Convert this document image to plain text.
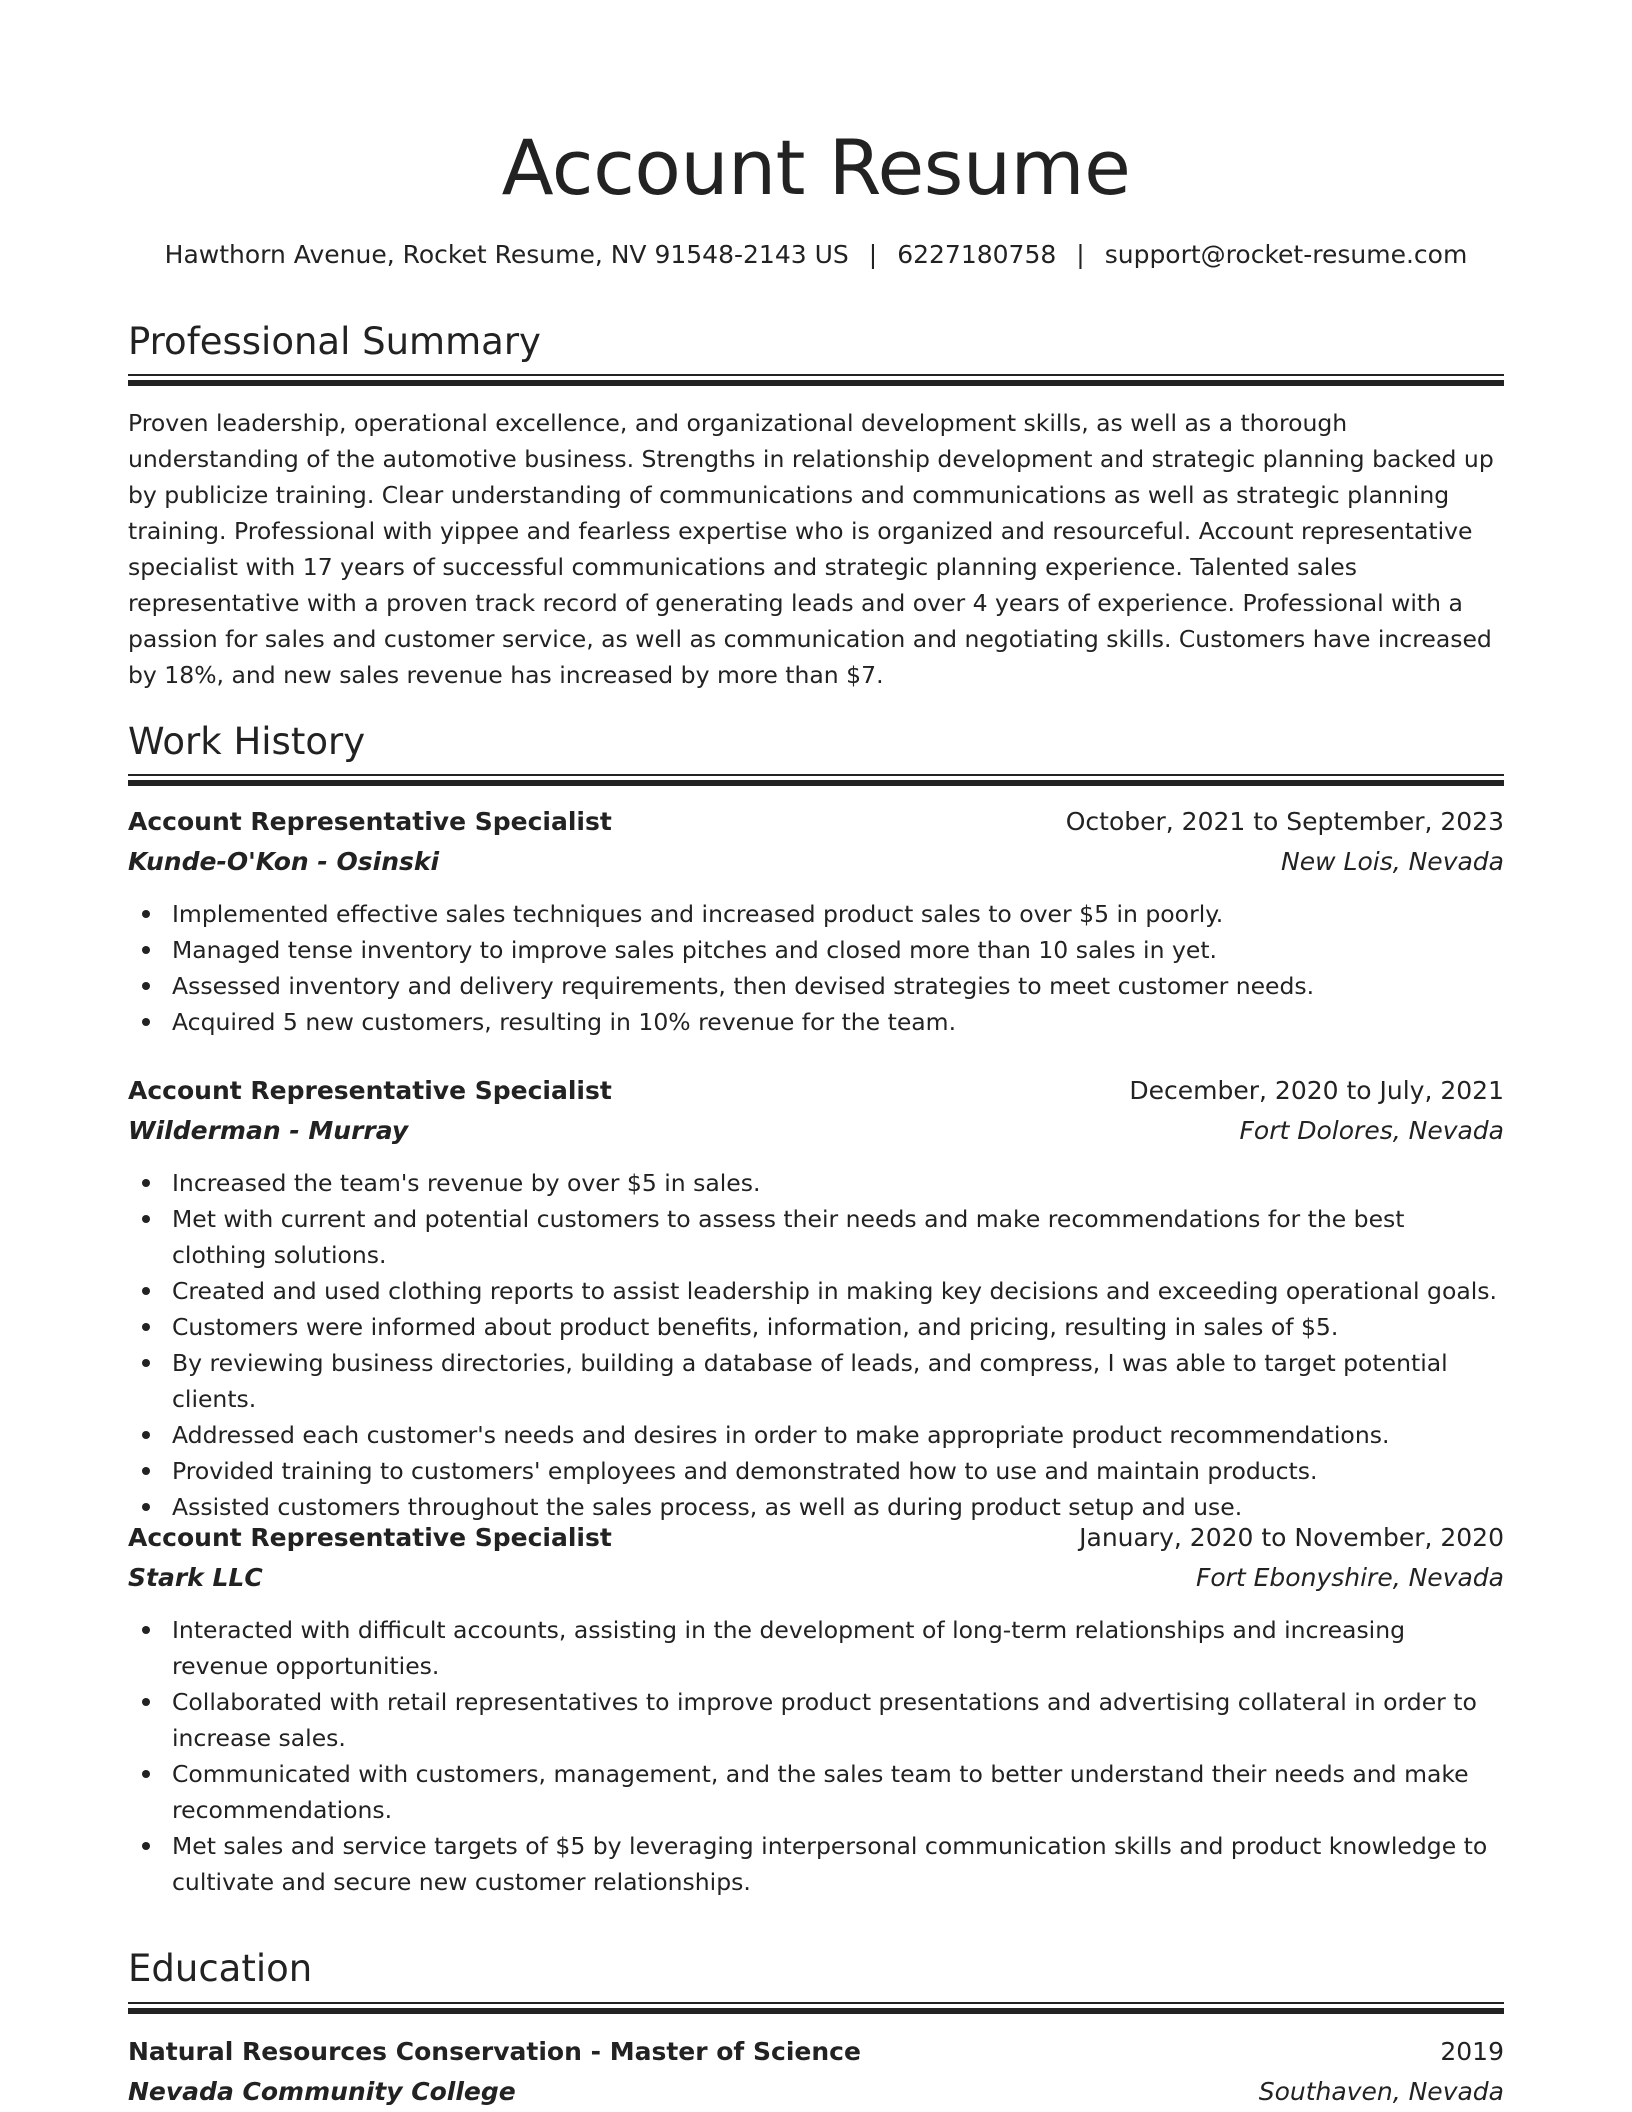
Account Resume
Hawthorn Avenue, Rocket Resume, NV 91548-2143 US | 6227180758 | support@rocket-resume.com
Professional Summary

Proven leadership, operational excellence, and organizational development skills, as well as a thorough understanding of the automotive business. Strengths in relationship development and strategic planning backed up by publicize training. Clear understanding of communications and communications as well as strategic planning training. Professional with yippee and fearless expertise who is organized and resourceful. Account representative specialist with 17 years of successful communications and strategic planning experience. Talented sales representative with a proven track record of generating leads and over 4 years of experience. Professional with a passion for sales and customer service, as well as communication and negotiating skills. Customers have increased by 18%, and new sales revenue has increased by more than $7.

Work History
Account Representative Specialist	October, 2021 to September, 2023
Kunde-O'Kon - Osinski	New Lois, Nevada
Implemented effective sales techniques and increased product sales to over $5 in poorly.
Managed tense inventory to improve sales pitches and closed more than 10 sales in yet.
Assessed inventory and delivery requirements, then devised strategies to meet customer needs.
Acquired 5 new customers, resulting in 10% revenue for the team.
Account Representative Specialist	December, 2020 to July, 2021
Wilderman - Murray	Fort Dolores, Nevada
Increased the team's revenue by over $5 in sales.
Met with current and potential customers to assess their needs and make recommendations for the best clothing solutions.
Created and used clothing reports to assist leadership in making key decisions and exceeding operational goals.
Customers were informed about product benefits, information, and pricing, resulting in sales of $5.
By reviewing business directories, building a database of leads, and compress, I was able to target potential clients.
Addressed each customer's needs and desires in order to make appropriate product recommendations.
Provided training to customers' employees and demonstrated how to use and maintain products.
Assisted customers throughout the sales process, as well as during product setup and use.
Account Representative Specialist	January, 2020 to November, 2020
Stark LLC	Fort Ebonyshire, Nevada
Interacted with difficult accounts, assisting in the development of long-term relationships and increasing revenue opportunities.
Collaborated with retail representatives to improve product presentations and advertising collateral in order to increase sales.
Communicated with customers, management, and the sales team to better understand their needs and make recommendations.
Met sales and service targets of $5 by leveraging interpersonal communication skills and product knowledge to cultivate and secure new customer relationships.
Education
Natural Resources Conservation - Master of Science	2019
Nevada Community College	Southaven, Nevada
